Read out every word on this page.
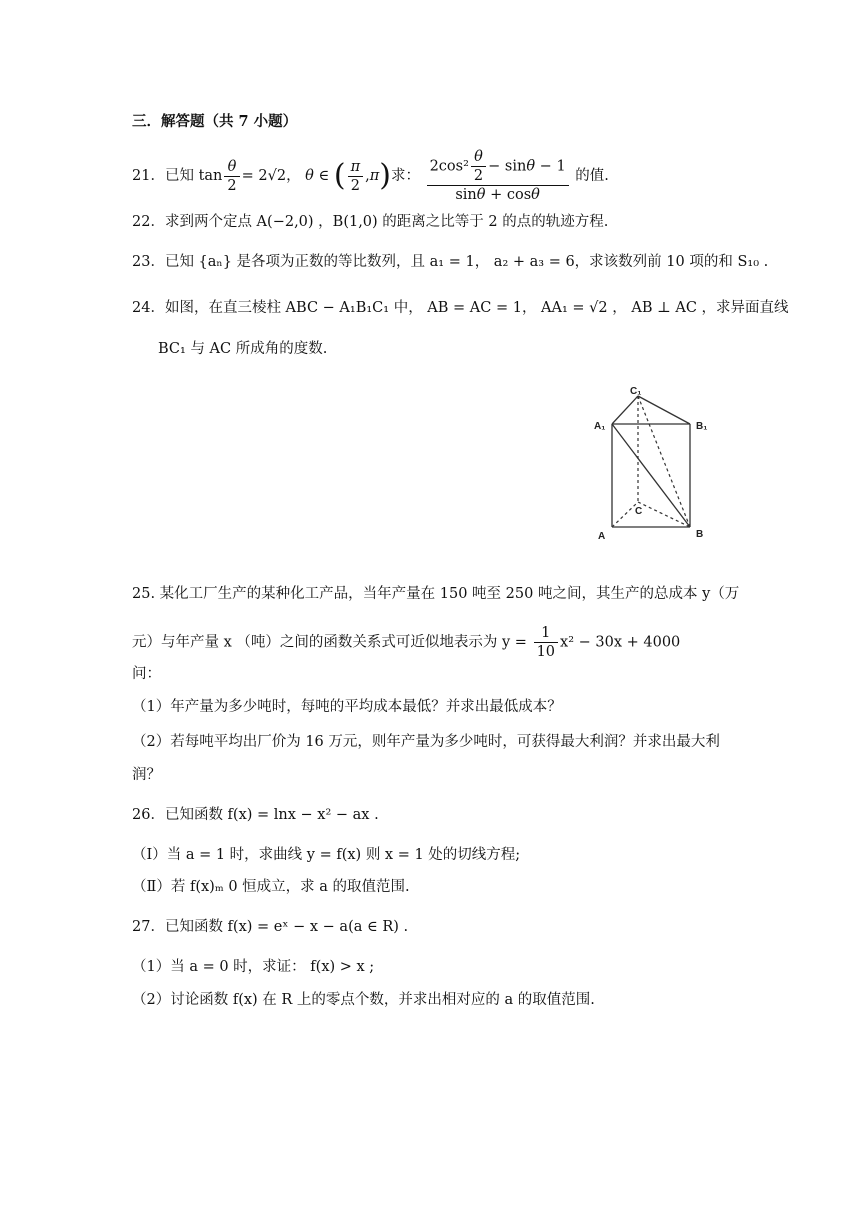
三．解答题（共 7 小题）
21．已知 $\tan \frac{\theta}{2} = 2√2$， θ ∈ ( $\frac{\pi}{2} ,\pi$)求： $\frac{2\cos^2 \frac{\theta}{2} - \sin\theta - 1}{\sin\theta + \cos\theta}$ 的值.
22．求到两个定点 A(−2,0) ，B(1,0) 的距离之比等于 2 的点的轨迹方程.
23．已知 {aₙ} 是各项为正数的等比数列，且 a₁ = 1， a₂ + a₃ = 6，求该数列前 10 项的和 S₁₀ .
24．如图，在直三棱柱 ABC − A₁B₁C₁ 中， AB = AC = 1， AA₁ = √2 ， AB ⊥ AC ，求异面直线
BC₁ 与 AC 所成角的度数.
C₁
A₁	B₁
C
A	B
25. 某化工厂生产的某种化工产品，当年产量在 150 吨至 250 吨之间，其生产的总成本 y（万
元）与年产量 x （吨）之间的函数关系式可近似地表示为 $y = \frac{1}{10} x^2 - 30x + 4000$
问：
（1）年产量为多少吨时，每吨的平均成本最低？并求出最低成本？
（2）若每吨平均出厂价为 16 万元，则年产量为多少吨时，可获得最大利润？并求出最大利
润？
26．已知函数 f(x) = lnx − x² − ax .
（Ⅰ）当 a = 1 时，求曲线 y = f(x) 则 x = 1 处的切线方程;
（Ⅱ）若 f(x)ₘ 0 恒成立，求 a 的取值范围.
27．已知函数 f(x) = eˣ − x − a(a ∈ R) .
（1）当 a = 0 时，求证： f(x) > x ;
（2）讨论函数 f(x) 在 R 上的零点个数，并求出相对应的 a 的取值范围.
